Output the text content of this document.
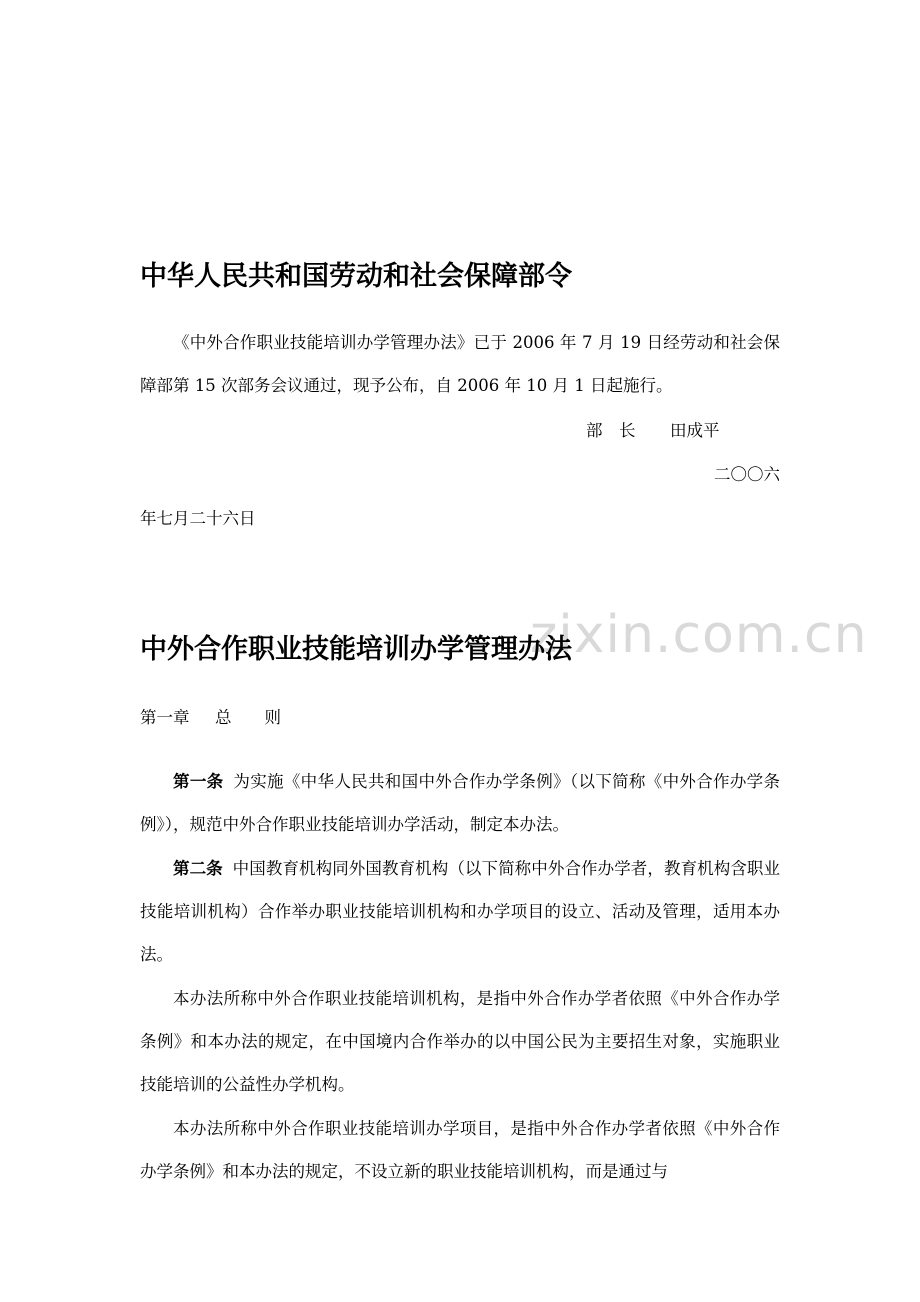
zixin.com.cn
中华人民共和国劳动和社会保障部令

《中外合作职业技能培训办学管理办法》已于 2006 年 7 月 19 日经劳动和社会保障部第 15 次部务会议通过，现予公布，自 2006 年 10 月 1 日起施行。

部　长 田成平
二〇〇六
年七月二十六日
中外合作职业技能培训办学管理办法
第一章 总　　则

第一条 为实施《中华人民共和国中外合作办学条例》（以下简称《中外合作办学条例》），规范中外合作职业技能培训办学活动，制定本办法。

第二条 中国教育机构同外国教育机构（以下简称中外合作办学者，教育机构含职业技能培训机构）合作举办职业技能培训机构和办学项目的设立、活动及管理，适用本办法。

本办法所称中外合作职业技能培训机构，是指中外合作办学者依照《中外合作办学条例》和本办法的规定，在中国境内合作举办的以中国公民为主要招生对象，实施职业技能培训的公益性办学机构。

本办法所称中外合作职业技能培训办学项目，是指中外合作办学者依照《中外合作办学条例》和本办法的规定，不设立新的职业技能培训机构，而是通过与
